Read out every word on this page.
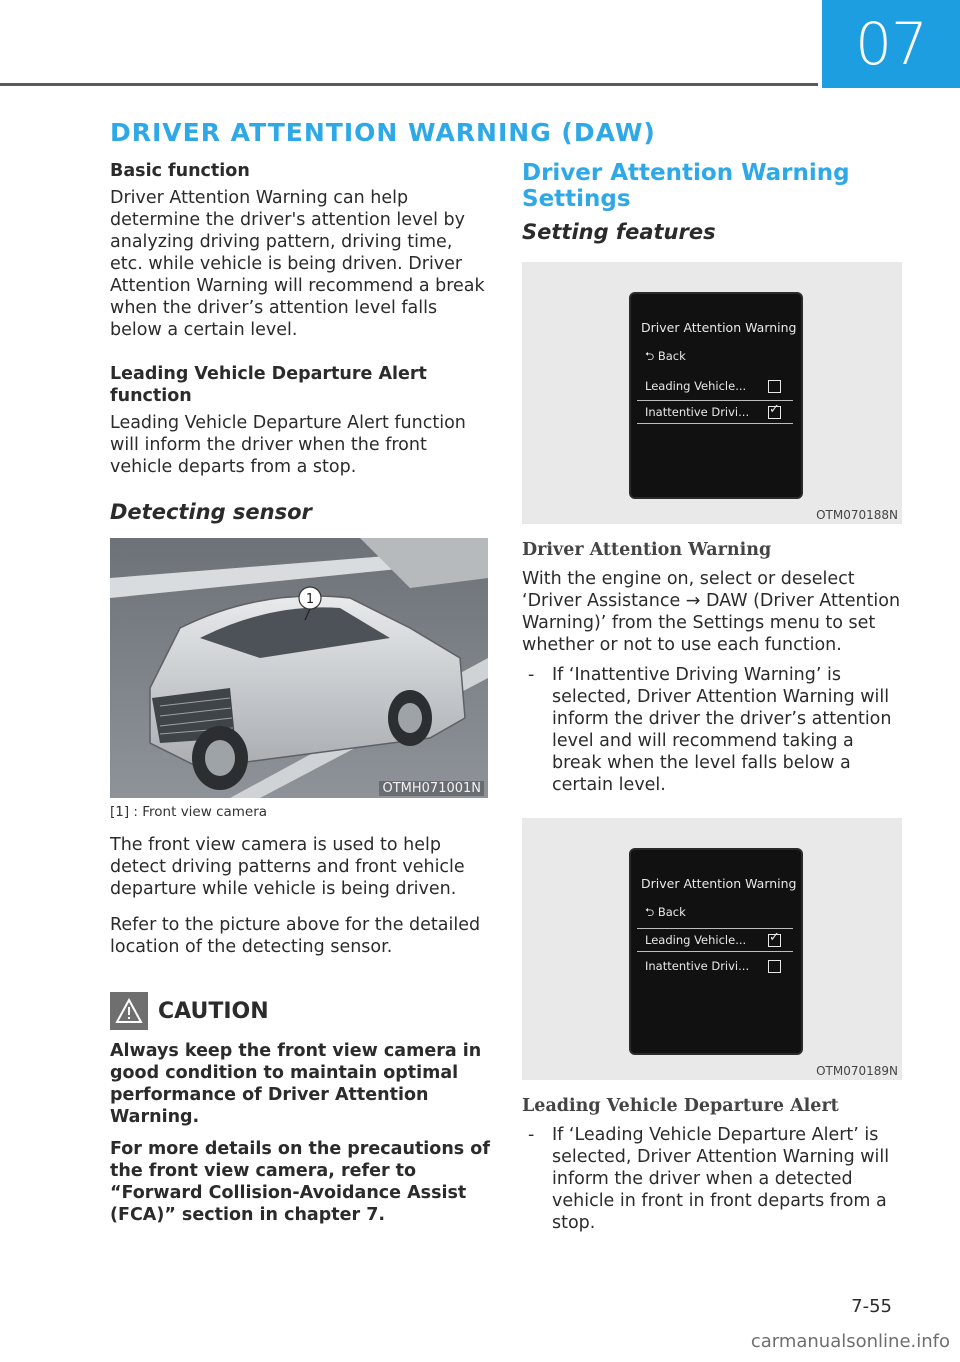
07
DRIVER ATTENTION WARNING (DAW)
Basic function

Driver Attention Warning can help determine the driver's attention level by analyzing driving pattern, driving time, etc. while vehicle is being driven. Driver Attention Warning will recommend a break when the driver’s attention level falls below a certain level.

Leading Vehicle Departure Alert function

Leading Vehicle Departure Alert function will inform the driver when the front vehicle departs from a stop.

Detecting sensor
1
OTMH071001N
[1] : Front view camera

The front view camera is used to help detect driving patterns and front vehicle departure while vehicle is being driven.

Refer to the picture above for the detailed location of the detecting sensor.

CAUTION

Always keep the front view camera in good condition to maintain optimal performance of Driver Attention Warning.

For more details on the precautions of the front view camera, refer to “Forward Collision-Avoidance Assist (FCA)” section in chapter 7.

Driver Attention Warning Settings
Setting features
Driver Attention Warning
⮌ Back
Leading Vehicle...
Inattentive Drivi...
✓
OTM070188N
Driver Attention Warning

With the engine on, select or deselect ‘Driver Assistance → DAW (Driver Attention Warning)’ from the Settings menu to set whether or not to use each function.

- If ‘Inattentive Driving Warning’ is selected, Driver Attention Warning will inform the driver the driver’s attention level and will recommend taking a break when the level falls below a certain level.
Driver Attention Warning
⮌ Back
Leading Vehicle...
✓
Inattentive Drivi...
OTM070189N
Leading Vehicle Departure Alert
- If ‘Leading Vehicle Departure Alert’ is selected, Driver Attention Warning will inform the driver when a detected vehicle in front in front departs from a stop.
7-55
carmanualsonline.info
